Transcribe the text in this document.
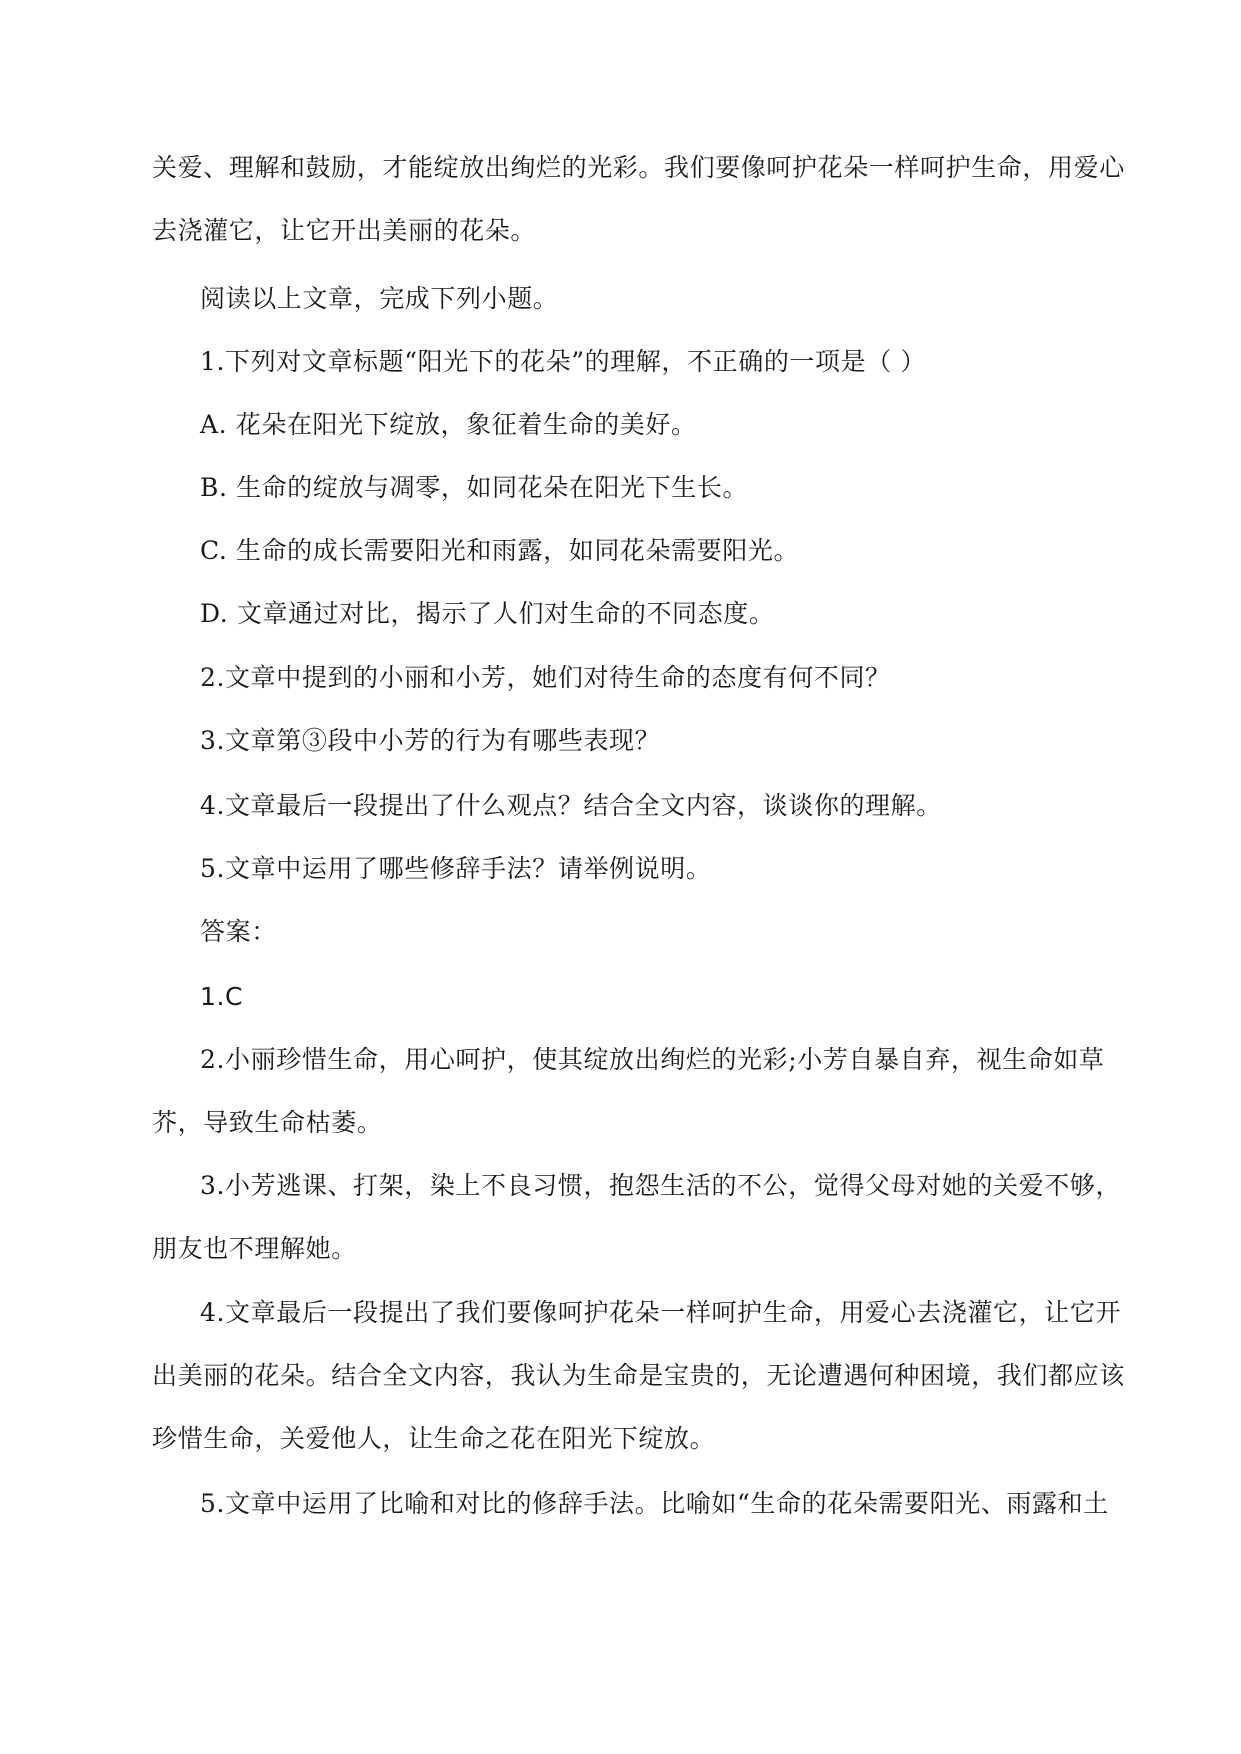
关爱、理解和鼓励，才能绽放出绚烂的光彩。我们要像呵护花朵一样呵护生命，用爱心
去浇灌它，让它开出美丽的花朵。
阅读以上文章，完成下列小题。
1.下列对文章标题“阳光下的花朵”的理解，不正确的一项是（ ）
A. 花朵在阳光下绽放，象征着生命的美好。
B. 生命的绽放与凋零，如同花朵在阳光下生长。
C. 生命的成长需要阳光和雨露，如同花朵需要阳光。
D. 文章通过对比，揭示了人们对生命的不同态度。
2.文章中提到的小丽和小芳，她们对待生命的态度有何不同？
3.文章第③段中小芳的行为有哪些表现？
4.文章最后一段提出了什么观点？结合全文内容，谈谈你的理解。
5.文章中运用了哪些修辞手法？请举例说明。
答案：
1.C
2.小丽珍惜生命，用心呵护，使其绽放出绚烂的光彩;小芳自暴自弃，视生命如草
芥，导致生命枯萎。
3.小芳逃课、打架，染上不良习惯，抱怨生活的不公，觉得父母对她的关爱不够，
朋友也不理解她。
4.文章最后一段提出了我们要像呵护花朵一样呵护生命，用爱心去浇灌它，让它开
出美丽的花朵。结合全文内容，我认为生命是宝贵的，无论遭遇何种困境，我们都应该
珍惜生命，关爱他人，让生命之花在阳光下绽放。
5.文章中运用了比喻和对比的修辞手法。比喻如“生命的花朵需要阳光、雨露和土
